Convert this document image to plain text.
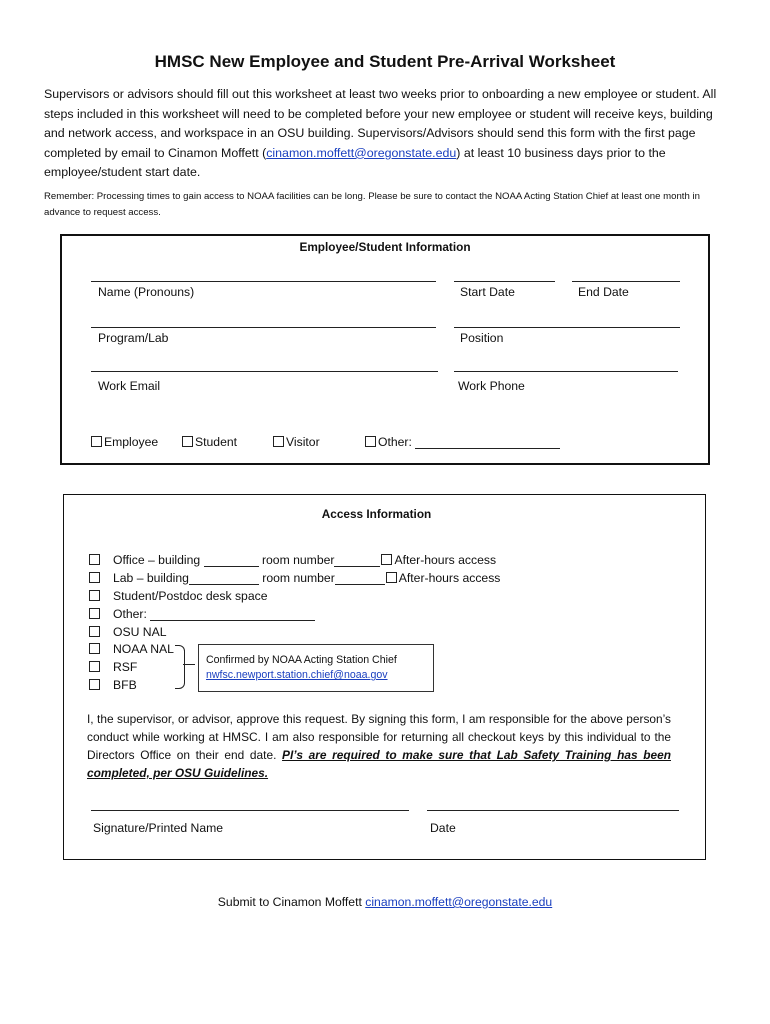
HMSC New Employee and Student Pre-Arrival Worksheet
Supervisors or advisors should fill out this worksheet at least two weeks prior to onboarding a new employee or student. All steps included in this worksheet will need to be completed before your new employee or student will receive keys, building and network access, and workspace in an OSU building. Supervisors/Advisors should send this form with the first page completed by email to Cinamon Moffett (cinamon.moffett@oregonstate.edu) at least 10 business days prior to the employee/student start date.
Remember: Processing times to gain access to NOAA facilities can be long. Please be sure to contact the NOAA Acting Station Chief at least one month in advance to request access.
Employee/Student Information
Name (Pronouns)	Start Date	End Date
Program/Lab	Position
Work Email	Work Phone
Employee	Student	Visitor	Other:
Access Information
Office – building	room number	After-hours access
Lab – building	room number	After-hours access
Student/Postdoc desk space
Other:
OSU NAL
NOAA NAL
RSF
BFB
Confirmed by NOAA Acting Station Chief
nwfsc.newport.station.chief@noaa.gov
I, the supervisor, or advisor, approve this request. By signing this form, I am responsible for the above person’s conduct while working at HMSC. I am also responsible for returning all checkout keys by this individual to the Directors Office on their end date. PI’s are required to make sure that Lab Safety Training has been completed, per OSU Guidelines.
Signature/Printed Name	Date
Submit to Cinamon Moffett cinamon.moffett@oregonstate.edu
